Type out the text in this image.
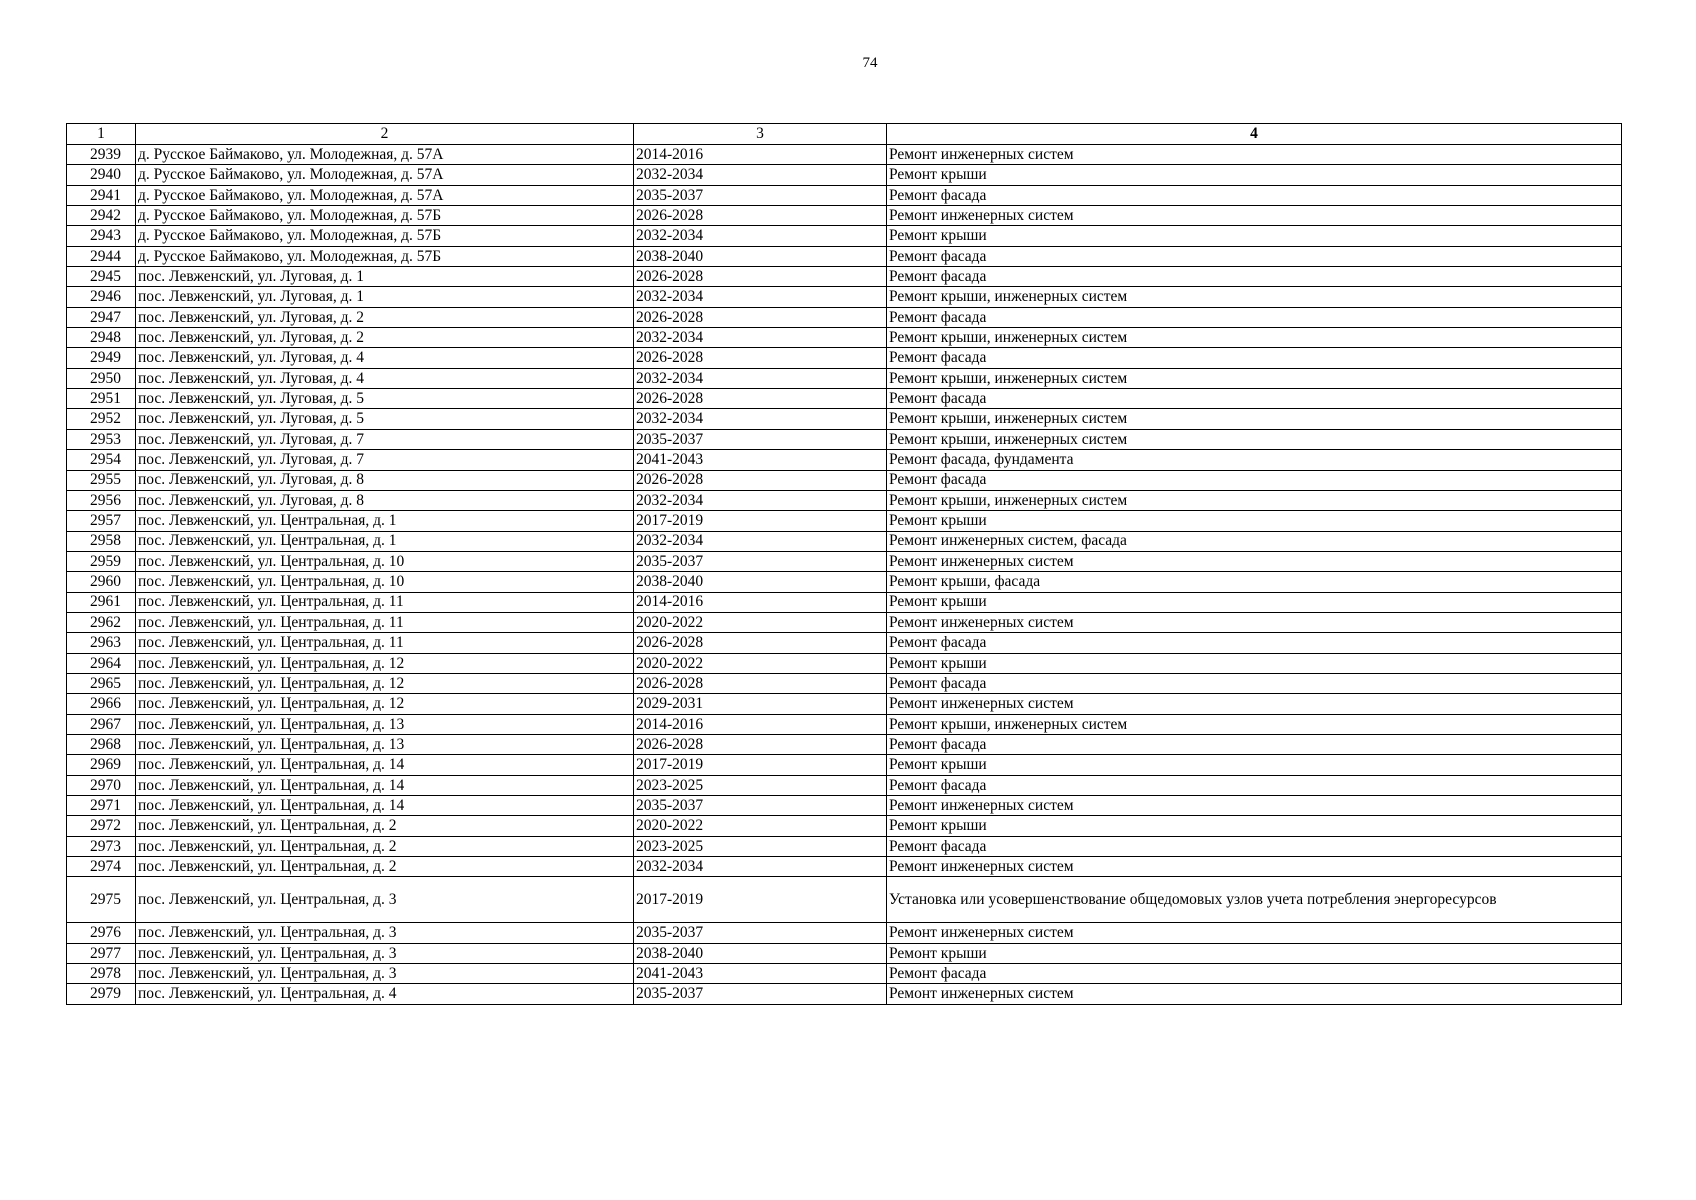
74
1	2	3	4
2939	д. Русское Баймаково, ул. Молодежная, д. 57А	2014-2016	Ремонт инженерных систем
2940	д. Русское Баймаково, ул. Молодежная, д. 57А	2032-2034	Ремонт крыши
2941	д. Русское Баймаково, ул. Молодежная, д. 57А	2035-2037	Ремонт фасада
2942	д. Русское Баймаково, ул. Молодежная, д. 57Б	2026-2028	Ремонт инженерных систем
2943	д. Русское Баймаково, ул. Молодежная, д. 57Б	2032-2034	Ремонт крыши
2944	д. Русское Баймаково, ул. Молодежная, д. 57Б	2038-2040	Ремонт фасада
2945	пос. Левженский, ул. Луговая, д. 1	2026-2028	Ремонт фасада
2946	пос. Левженский, ул. Луговая, д. 1	2032-2034	Ремонт крыши, инженерных систем
2947	пос. Левженский, ул. Луговая, д. 2	2026-2028	Ремонт фасада
2948	пос. Левженский, ул. Луговая, д. 2	2032-2034	Ремонт крыши, инженерных систем
2949	пос. Левженский, ул. Луговая, д. 4	2026-2028	Ремонт фасада
2950	пос. Левженский, ул. Луговая, д. 4	2032-2034	Ремонт крыши, инженерных систем
2951	пос. Левженский, ул. Луговая, д. 5	2026-2028	Ремонт фасада
2952	пос. Левженский, ул. Луговая, д. 5	2032-2034	Ремонт крыши, инженерных систем
2953	пос. Левженский, ул. Луговая, д. 7	2035-2037	Ремонт крыши, инженерных систем
2954	пос. Левженский, ул. Луговая, д. 7	2041-2043	Ремонт фасада, фундамента
2955	пос. Левженский, ул. Луговая, д. 8	2026-2028	Ремонт фасада
2956	пос. Левженский, ул. Луговая, д. 8	2032-2034	Ремонт крыши, инженерных систем
2957	пос. Левженский, ул. Центральная, д. 1	2017-2019	Ремонт крыши
2958	пос. Левженский, ул. Центральная, д. 1	2032-2034	Ремонт инженерных систем, фасада
2959	пос. Левженский, ул. Центральная, д. 10	2035-2037	Ремонт инженерных систем
2960	пос. Левженский, ул. Центральная, д. 10	2038-2040	Ремонт крыши, фасада
2961	пос. Левженский, ул. Центральная, д. 11	2014-2016	Ремонт крыши
2962	пос. Левженский, ул. Центральная, д. 11	2020-2022	Ремонт инженерных систем
2963	пос. Левженский, ул. Центральная, д. 11	2026-2028	Ремонт фасада
2964	пос. Левженский, ул. Центральная, д. 12	2020-2022	Ремонт крыши
2965	пос. Левженский, ул. Центральная, д. 12	2026-2028	Ремонт фасада
2966	пос. Левженский, ул. Центральная, д. 12	2029-2031	Ремонт инженерных систем
2967	пос. Левженский, ул. Центральная, д. 13	2014-2016	Ремонт крыши, инженерных систем
2968	пос. Левженский, ул. Центральная, д. 13	2026-2028	Ремонт фасада
2969	пос. Левженский, ул. Центральная, д. 14	2017-2019	Ремонт крыши
2970	пос. Левженский, ул. Центральная, д. 14	2023-2025	Ремонт фасада
2971	пос. Левженский, ул. Центральная, д. 14	2035-2037	Ремонт инженерных систем
2972	пос. Левженский, ул. Центральная, д. 2	2020-2022	Ремонт крыши
2973	пос. Левженский, ул. Центральная, д. 2	2023-2025	Ремонт фасада
2974	пос. Левженский, ул. Центральная, д. 2	2032-2034	Ремонт инженерных систем
2975	пос. Левженский, ул. Центральная, д. 3	2017-2019	Установка или усовершенствование общедомовых узлов учета потребления энергоресурсов
2976	пос. Левженский, ул. Центральная, д. 3	2035-2037	Ремонт инженерных систем
2977	пос. Левженский, ул. Центральная, д. 3	2038-2040	Ремонт крыши
2978	пос. Левженский, ул. Центральная, д. 3	2041-2043	Ремонт фасада
2979	пос. Левженский, ул. Центральная, д. 4	2035-2037	Ремонт инженерных систем
